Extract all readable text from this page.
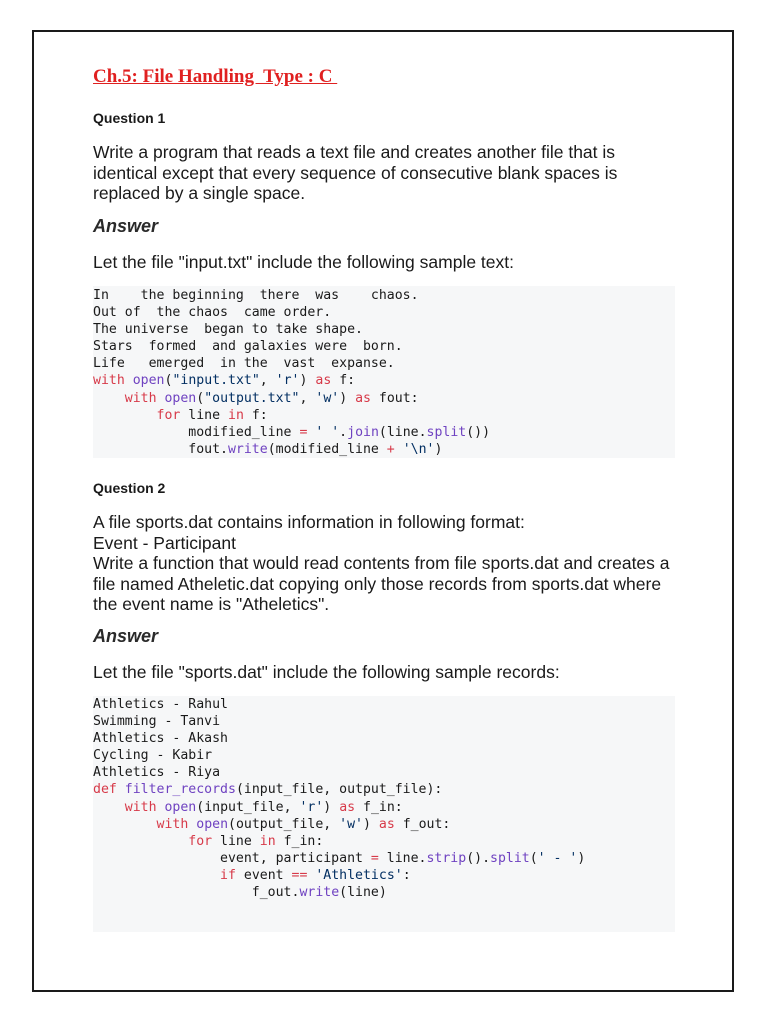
Ch.5: File Handling  Type : C
Question 1

Write a program that reads a text file and creates another file that is identical except that every sequence of consecutive blank spaces is replaced by a single space.

Answer

Let the file "input.txt" include the following sample text:

In    the beginning  there  was    chaos.
Out of  the chaos  came order.
The universe  began to take shape.
Stars  formed  and galaxies were  born.
Life   emerged  in the  vast  expanse.
with open("input.txt", 'r') as f:
with open("output.txt", 'w') as fout:
for line in f:
modified_line = ' '.join(line.split())
fout.write(modified_line + '\n')
Question 2
A file sports.dat contains information in following format:
Event - Participant
Write a function that would read contents from file sports.dat and creates a file named Atheletic.dat copying only those records from sports.dat where the event name is "Atheletics".
Answer

Let the file "sports.dat" include the following sample records:

Athletics - Rahul
Swimming - Tanvi
Athletics - Akash
Cycling - Kabir
Athletics - Riya
def filter_records(input_file, output_file):
with open(input_file, 'r') as f_in:
with open(output_file, 'w') as f_out:
for line in f_in:
event, participant = line.strip().split(' - ')
if event == 'Athletics':
f_out.write(line)
